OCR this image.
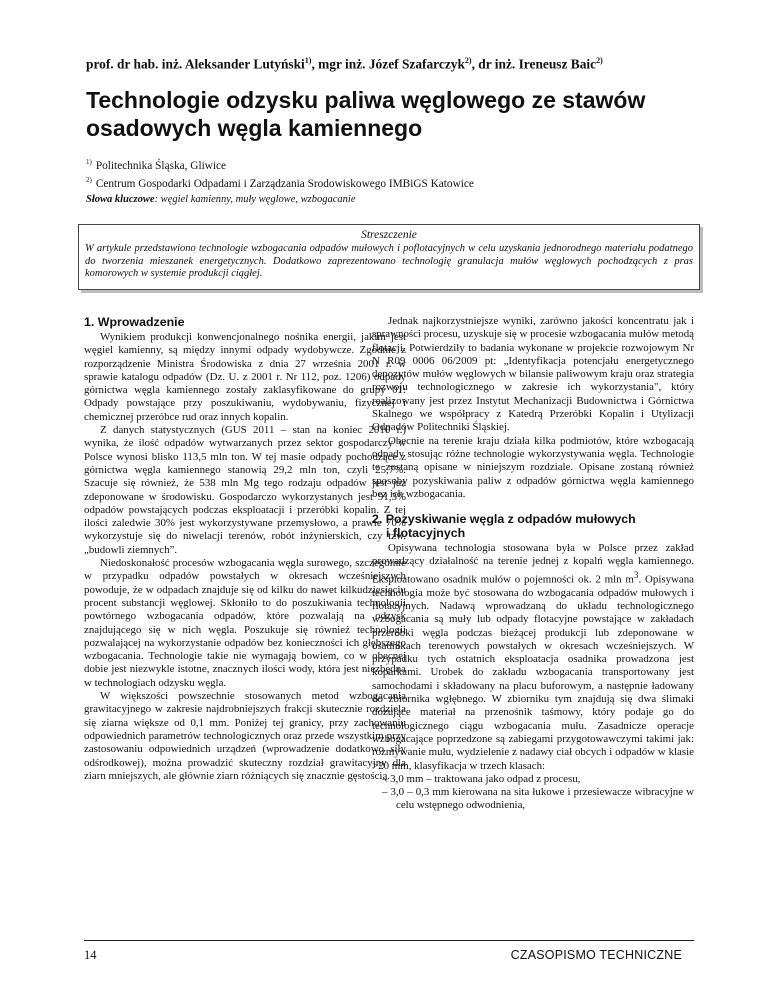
prof. dr hab. inż. Aleksander Lutyński$^{1)}$, mgr inż. Józef Szafarczyk$^{2)}$, dr inż. Ireneusz Baic$^{2)}$
Technologie odzysku paliwa węglowego ze stawów osadowych węgla kamiennego
$^{1)}$ Politechnika Śląska, Gliwice
$^{2)}$ Centrum Gospodarki Odpadami i Zarządzania Srodowiskowego IMBiGS Katowice
Słowa kluczowe: węgiel kamienny, muły węglowe, wzbogacanie
Streszczenie

W artykule przedstawiono technologie wzbogacania odpadów mułowych i poflotacyjnych w celu uzyskania jednorodnego materiału podatnego do tworzenia mieszanek energetycznych. Dodatkowo zaprezentowano technologię granulacja mułów węglowych pochodzących z pras komorowych w systemie produkcji ciągłej.

1. Wprowadzenie

Wynikiem produkcji konwencjonalnego nośnika energii, jakim jest węgiel kamienny, są między innymi odpady wydobywcze. Zgodnie z rozporządzenie Ministra Środowiska z dnia 27 września 2001 r. w sprawie katalogu odpadów (Dz. U. z 2001 r. Nr 112, poz. 1206) odpady górnictwa węgla kamiennego zostały zaklasyfikowane do grupy 01: Odpady powstające przy poszukiwaniu, wydobywaniu, fizycznej i chemicznej przeróbce rud oraz innych kopalin.

Z danych statystycznych (GUS 2011 – stan na koniec 2010 r.) wynika, że ilość odpadów wytwarzanych przez sektor gospodarczy w Polsce wynosi blisko 113,5 mln ton. W tej masie odpady pochodzące z górnictwa węgla kamiennego stanowią 29,2 mln ton, czyli 25,7%. Szacuje się również, że 538 mln Mg tego rodzaju odpadów jest już zdeponowane w środowisku. Gospodarczo wykorzystanych jest 91,3% odpadów powstających podczas eksploatacji i przeróbki kopalin. Z tej ilości zaledwie 30% jest wykorzystywane przemysłowo, a prawie 70% wykorzystuje się do niwelacji terenów, robót inżynierskich, czy tzw. „budowli ziemnych”.

Niedoskonałość procesów wzbogacania węgla surowego, szczególnie w przypadku odpadów powstałych w okresach wcześniejszych powoduje, że w odpadach znajduje się od kilku do nawet kilkudziesięciu procent substancji węglowej. Skłoniło to do poszukiwania technologii powtórnego wzbogacania odpadów, które pozwalają na odzysk znajdującego się w nich węgla. Poszukuje się również technologii pozwalającej na wykorzystanie odpadów bez konieczności ich głębszego wzbogacania. Technologie takie nie wymagają bowiem, co w obecnej dobie jest niezwykle istotne, znacznych ilości wody, która jest niezbędna w technologiach odzysku węgla.

W większości powszechnie stosowanych metod wzbogacania grawitacyjnego w zakresie najdrobniejszych frakcji skutecznie rozdziela się ziarna większe od 0,1 mm. Poniżej tej granicy, przy zachowaniu odpowiednich parametrów technologicznych oraz przede wszystkim przy zastosowaniu odpowiednich urządzeń (wprowadzenie dodatkowo siły odśrodkowej), można prowadzić skuteczny rozdział grawitacyjny dla ziarn mniejszych, ale głównie ziarn różniących się znacznie gęstością.

Jednak najkorzystniejsze wyniki, zarówno jakości koncentratu jak i sprawności procesu, uzyskuje się w procesie wzbogacania mułów metodą flotacji. Potwierdziły to badania wykonane w projekcie rozwojowym Nr N R09 0006 06/2009 pt: „Identyfikacja potencjału energetycznego depozytów mułów węglowych w bilansie paliwowym kraju oraz strategia rozwoju technologicznego w zakresie ich wykorzystania", który realizowany jest przez Instytut Mechanizacji Budownictwa i Górnictwa Skalnego we współpracy z Katedrą Przeróbki Kopalin i Utylizacji Odpadów Politechniki Śląskiej.

Obecnie na terenie kraju działa kilka podmiotów, które wzbogacają odpady stosując różne technologie wykorzystywania węgla. Technologie te zostaną opisane w niniejszym rozdziale. Opisane zostaną również sposoby pozyskiwania paliw z odpadów górnictwa węgla kamiennego bez ich wzbogacania.

2. Pozyskiwanie węgla z odpadów mułowych
i flotacyjnych

Opisywana technologia stosowana była w Polsce przez zakład prowadzący działalność na terenie jednej z kopalń węgla kamiennego. Eksploatowano osadnik mułów o pojemności ok. 2 mln $m^3$. Opisywana technologia może być stosowana do wzbogacania odpadów mułowych i flotacyjnych. Nadawą wprowadzaną do układu technologicznego wzbogacania są muły lub odpady flotacyjne powstające w zakładach przeróbki węgla podczas bieżącej produkcji lub zdeponowane w osadnikach terenowych powstałych w okresach wcześniejszych. W przypadku tych ostatnich eksploatacja osadnika prowadzona jest koparkami. Urobek do zakładu wzbogacania transportowany jest samochodami i składowany na placu buforowym, a następnie ładowany do zbiornika wgłębnego. W zbiorniku tym znajdują się dwa ślimaki dozujące materiał na przenośnik taśmowy, który podaje go do technologicznego ciągu wzbogacania mułu. Zasadnicze operacje wzbogacające poprzedzone są zabiegami przygotowawczymi takimi jak: rozmywanie mułu, wydzielenie z nadawy ciał obcych i odpadów w klasie >20 mm, klasyfikacja w trzech klasach:

– 3,0 mm – traktowana jako odpad z procesu,
– 3,0 – 0,3 mm kierowana na sita łukowe i przesiewacze wibracyjne w celu wstępnego odwodnienia,
14	CZASOPISMO TECHNICZNE
